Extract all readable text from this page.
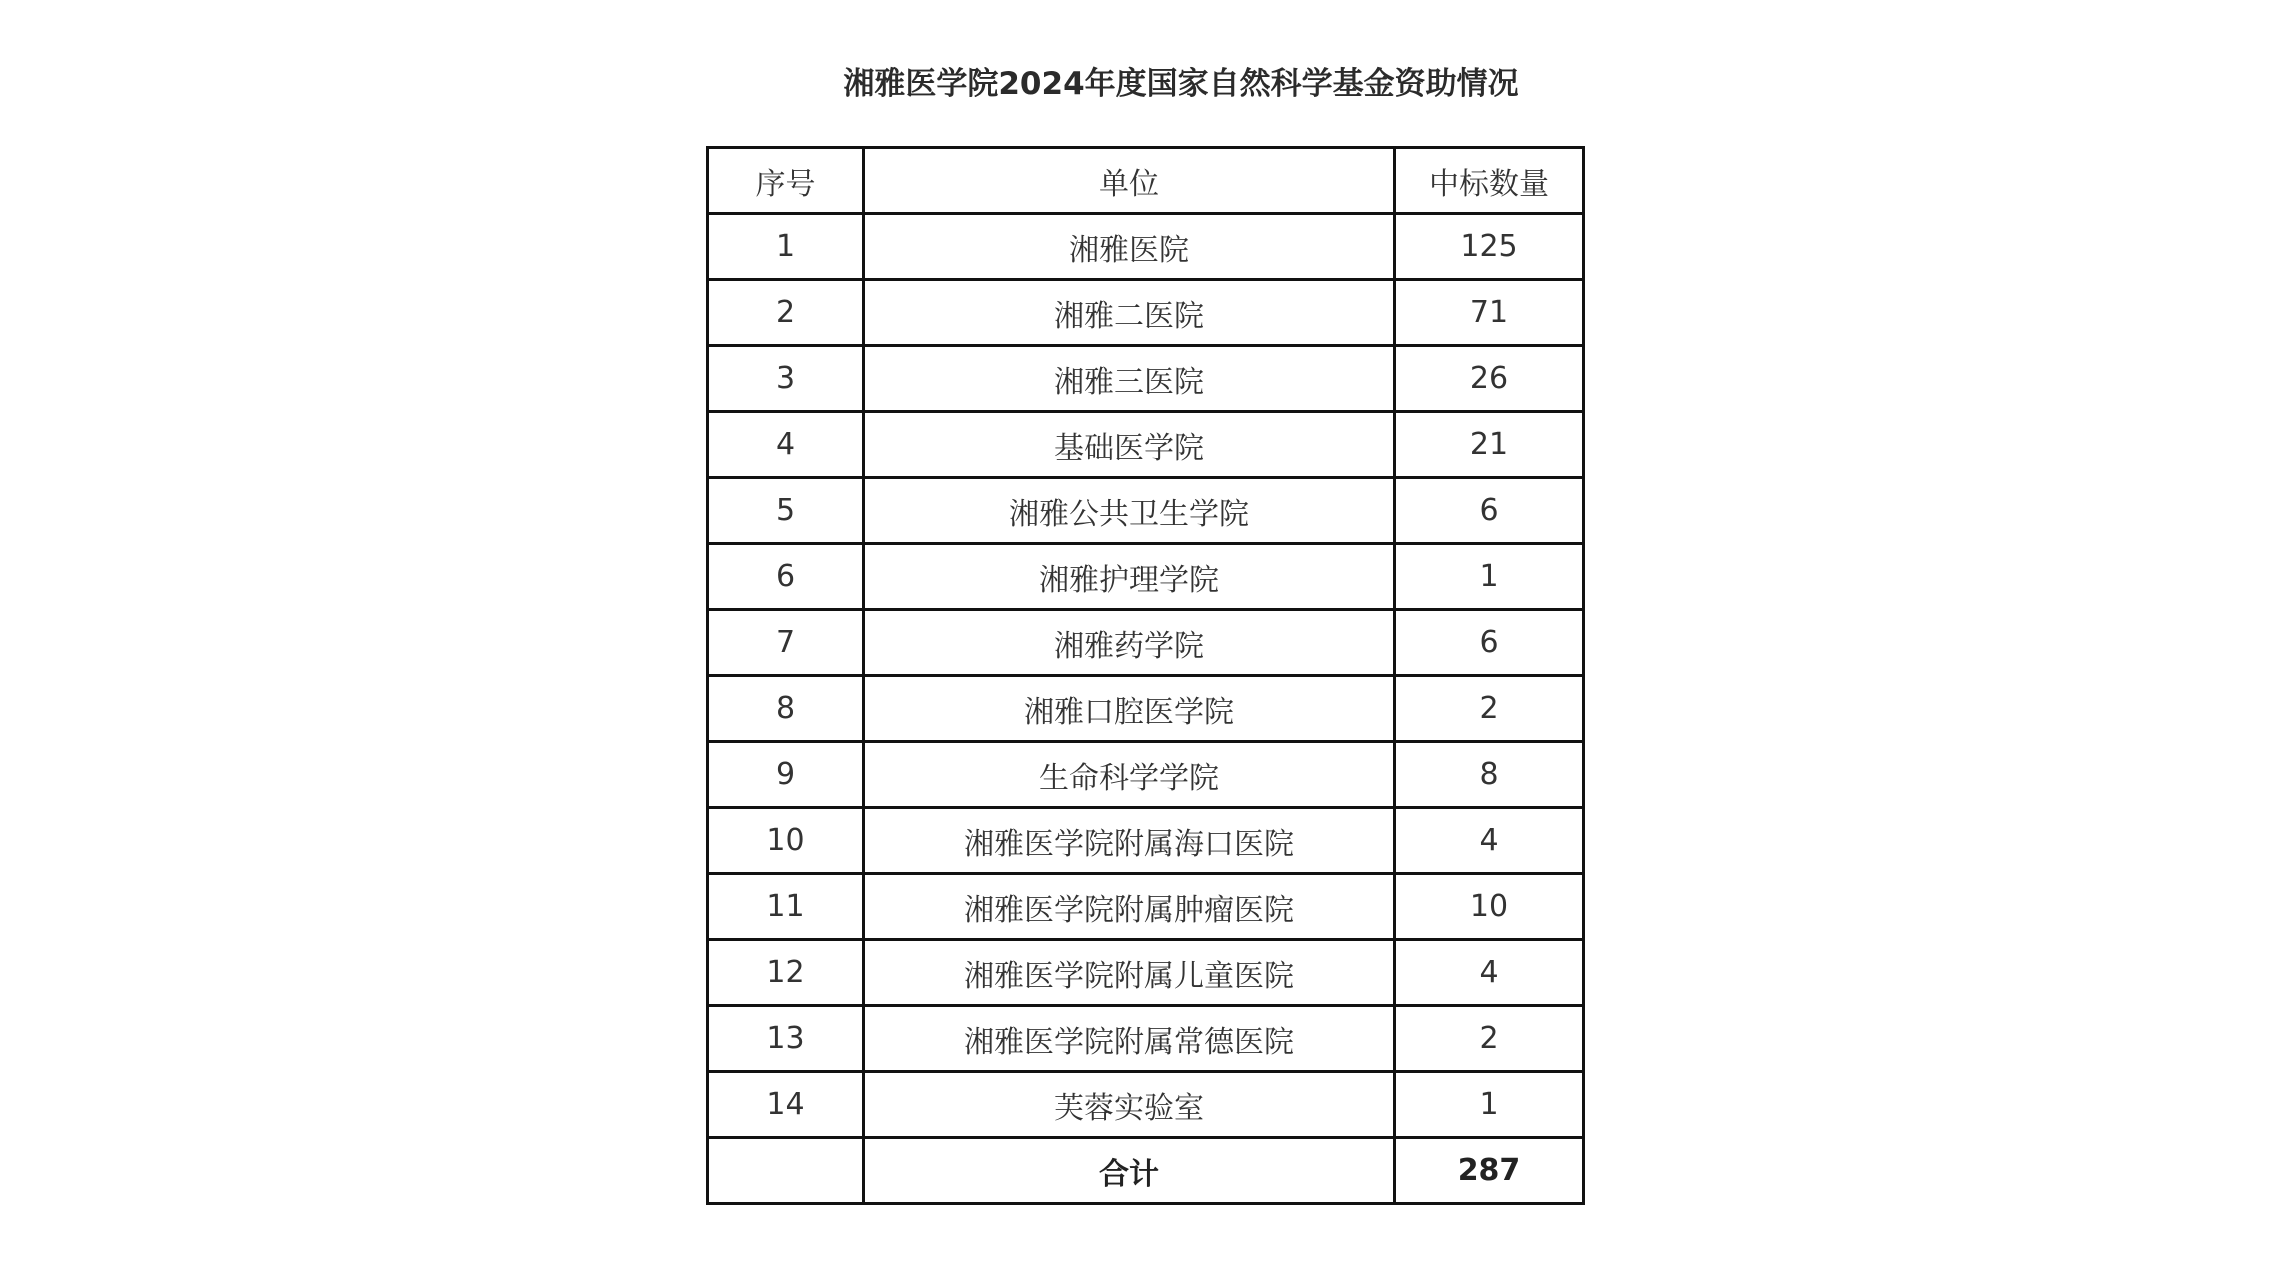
湘雅医学院2024年度国家自然科学基金资助情况
序号	单位	中标数量
1	湘雅医院	125
2	湘雅二医院	71
3	湘雅三医院	26
4	基础医学院	21
5	湘雅公共卫生学院	6
6	湘雅护理学院	1
7	湘雅药学院	6
8	湘雅口腔医学院	2
9	生命科学学院	8
10	湘雅医学院附属海口医院	4
11	湘雅医学院附属肿瘤医院	10
12	湘雅医学院附属儿童医院	4
13	湘雅医学院附属常德医院	2
14	芙蓉实验室	1
	合计	287
